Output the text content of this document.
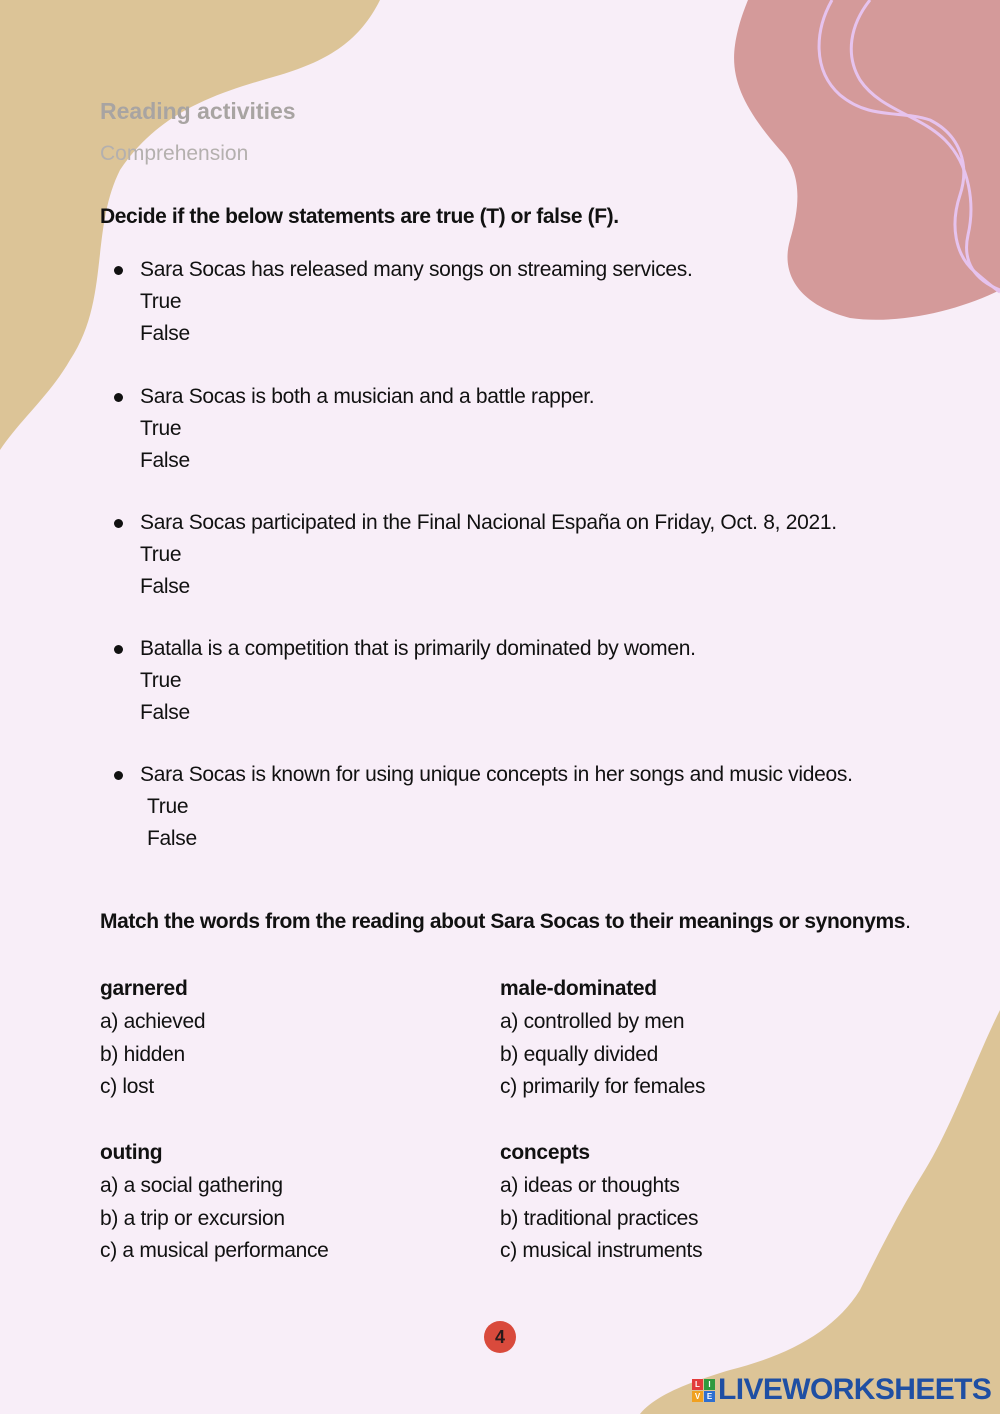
Reading activities
Comprehension
Decide if the below statements are true (T) or false (F).
Sara Socas has released many songs on streaming services.
True
False
Sara Socas is both a musician and a battle rapper.
True
False
Sara Socas participated in the Final Nacional España on Friday, Oct. 8, 2021.
True
False
Batalla is a competition that is primarily dominated by women.
True
False
Sara Socas is known for using unique concepts in her songs and music videos.
True
False
Match the words from the reading about Sara Socas to their meanings or synonyms.
garnered
a) achieved
b) hidden
c) lost
male-dominated
a) controlled by men
b) equally divided
c) primarily for females
outing
a) a social gathering
b) a trip or excursion
c) a musical performance
concepts
a) ideas or thoughts
b) traditional practices
c) musical instruments
4
L	I
V E LIVEWORKSHEETS
